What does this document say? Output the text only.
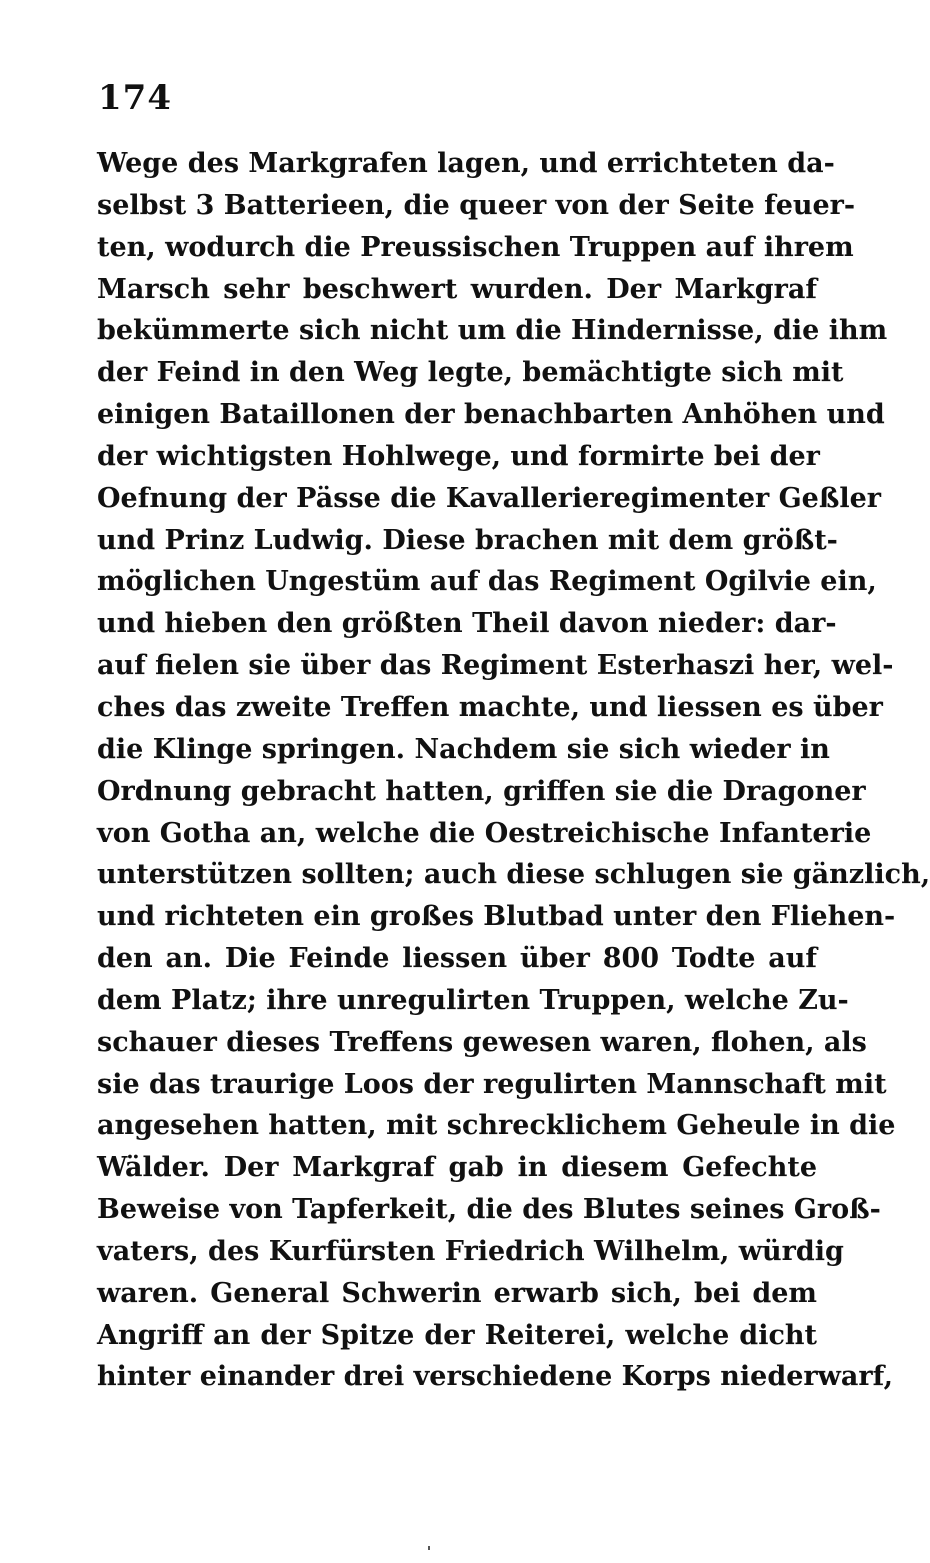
174
Wege des Markgrafen lagen, und errichteten da-
selbst 3 Batterieen, die queer von der Seite feuer-
ten, wodurch die Preussischen Truppen auf ihrem
Marsch sehr beschwert wurden. Der Markgraf
bekümmerte sich nicht um die Hindernisse, die ihm
der Feind in den Weg legte, bemächtigte sich mit
einigen Bataillonen der benachbarten Anhöhen und
der wichtigsten Hohlwege, und formirte bei der
Oefnung der Pässe die Kavallerieregimenter Geßler
und Prinz Ludwig. Diese brachen mit dem größt-
möglichen Ungestüm auf das Regiment Ogilvie ein,
und hieben den größten Theil davon nieder: dar-
auf fielen sie über das Regiment Esterhaszi her, wel-
ches das zweite Treffen machte, und liessen es über
die Klinge springen. Nachdem sie sich wieder in
Ordnung gebracht hatten, griffen sie die Dragoner
von Gotha an, welche die Oestreichische Infanterie
unterstützen sollten; auch diese schlugen sie gänzlich,
und richteten ein großes Blutbad unter den Fliehen-
den an. Die Feinde liessen über 800 Todte auf
dem Platz; ihre unregulirten Truppen, welche Zu-
schauer dieses Treffens gewesen waren, flohen, als
sie das traurige Loos der regulirten Mannschaft mit
angesehen hatten, mit schrecklichem Geheule in die
Wälder. Der Markgraf gab in diesem Gefechte
Beweise von Tapferkeit, die des Blutes seines Groß-
vaters, des Kurfürsten Friedrich Wilhelm, würdig
waren. General Schwerin erwarb sich, bei dem
Angriff an der Spitze der Reiterei, welche dicht
hinter einander drei verschiedene Korps niederwarf,
